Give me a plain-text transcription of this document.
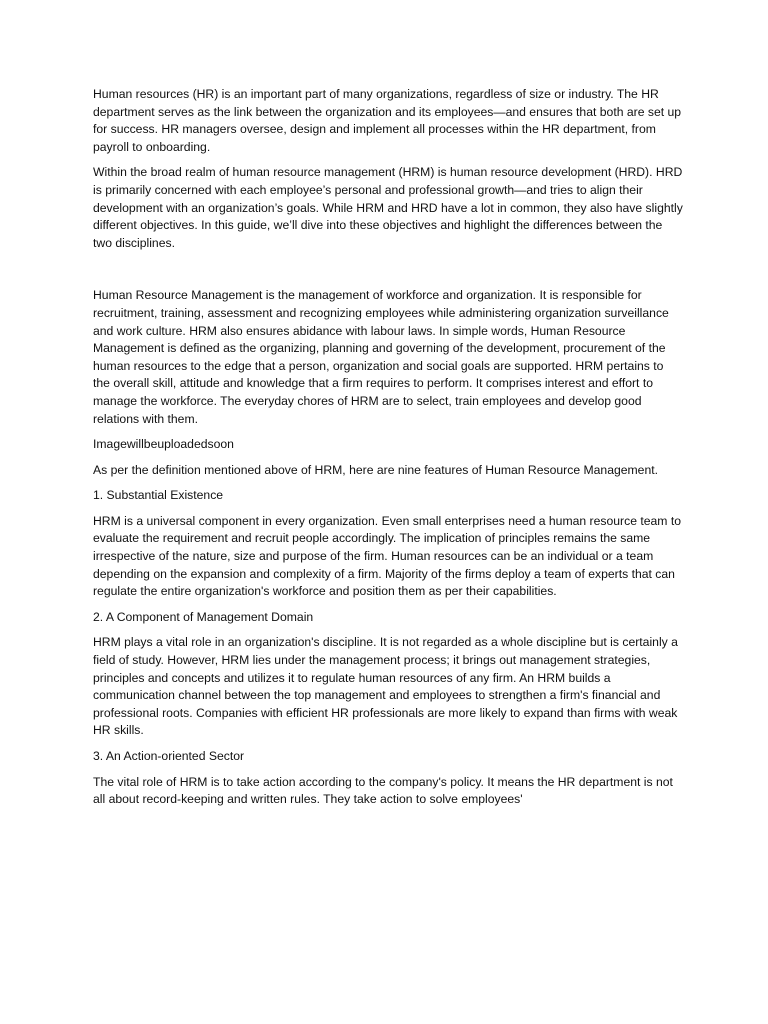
Human resources (HR) is an important part of many organizations, regardless of size or industry. The HR department serves as the link between the organization and its employees—and ensures that both are set up for success. HR managers oversee, design and implement all processes within the HR department, from payroll to onboarding.

Within the broad realm of human resource management (HRM) is human resource development (HRD). HRD is primarily concerned with each employee’s personal and professional growth—and tries to align their development with an organization’s goals. While HRM and HRD have a lot in common, they also have slightly different objectives. In this guide, we’ll dive into these objectives and highlight the differences between the two disciplines.

Human Resource Management is the management of workforce and organization. It is responsible for recruitment, training, assessment and recognizing employees while administering organization surveillance and work culture. HRM also ensures abidance with labour laws. In simple words, Human Resource Management is defined as the organizing, planning and governing of the development, procurement of the human resources to the edge that a person, organization and social goals are supported. HRM pertains to the overall skill, attitude and knowledge that a firm requires to perform. It comprises interest and effort to manage the workforce. The everyday chores of HRM are to select, train employees and develop good relations with them.

Imagewillbeuploadedsoon

As per the definition mentioned above of HRM, here are nine features of Human Resource Management.

1. Substantial Existence

HRM is a universal component in every organization. Even small enterprises need a human resource team to evaluate the requirement and recruit people accordingly. The implication of principles remains the same irrespective of the nature, size and purpose of the firm. Human resources can be an individual or a team depending on the expansion and complexity of a firm. Majority of the firms deploy a team of experts that can regulate the entire organization's workforce and position them as per their capabilities.

2. A Component of Management Domain

HRM plays a vital role in an organization's discipline. It is not regarded as a whole discipline but is certainly a field of study. However, HRM lies under the management process; it brings out management strategies, principles and concepts and utilizes it to regulate human resources of any firm. An HRM builds a communication channel between the top management and employees to strengthen a firm's financial and professional roots. Companies with efficient HR professionals are more likely to expand than firms with weak HR skills.

3. An Action-oriented Sector

The vital role of HRM is to take action according to the company's policy. It means the HR department is not all about record-keeping and written rules. They take action to solve employees'
